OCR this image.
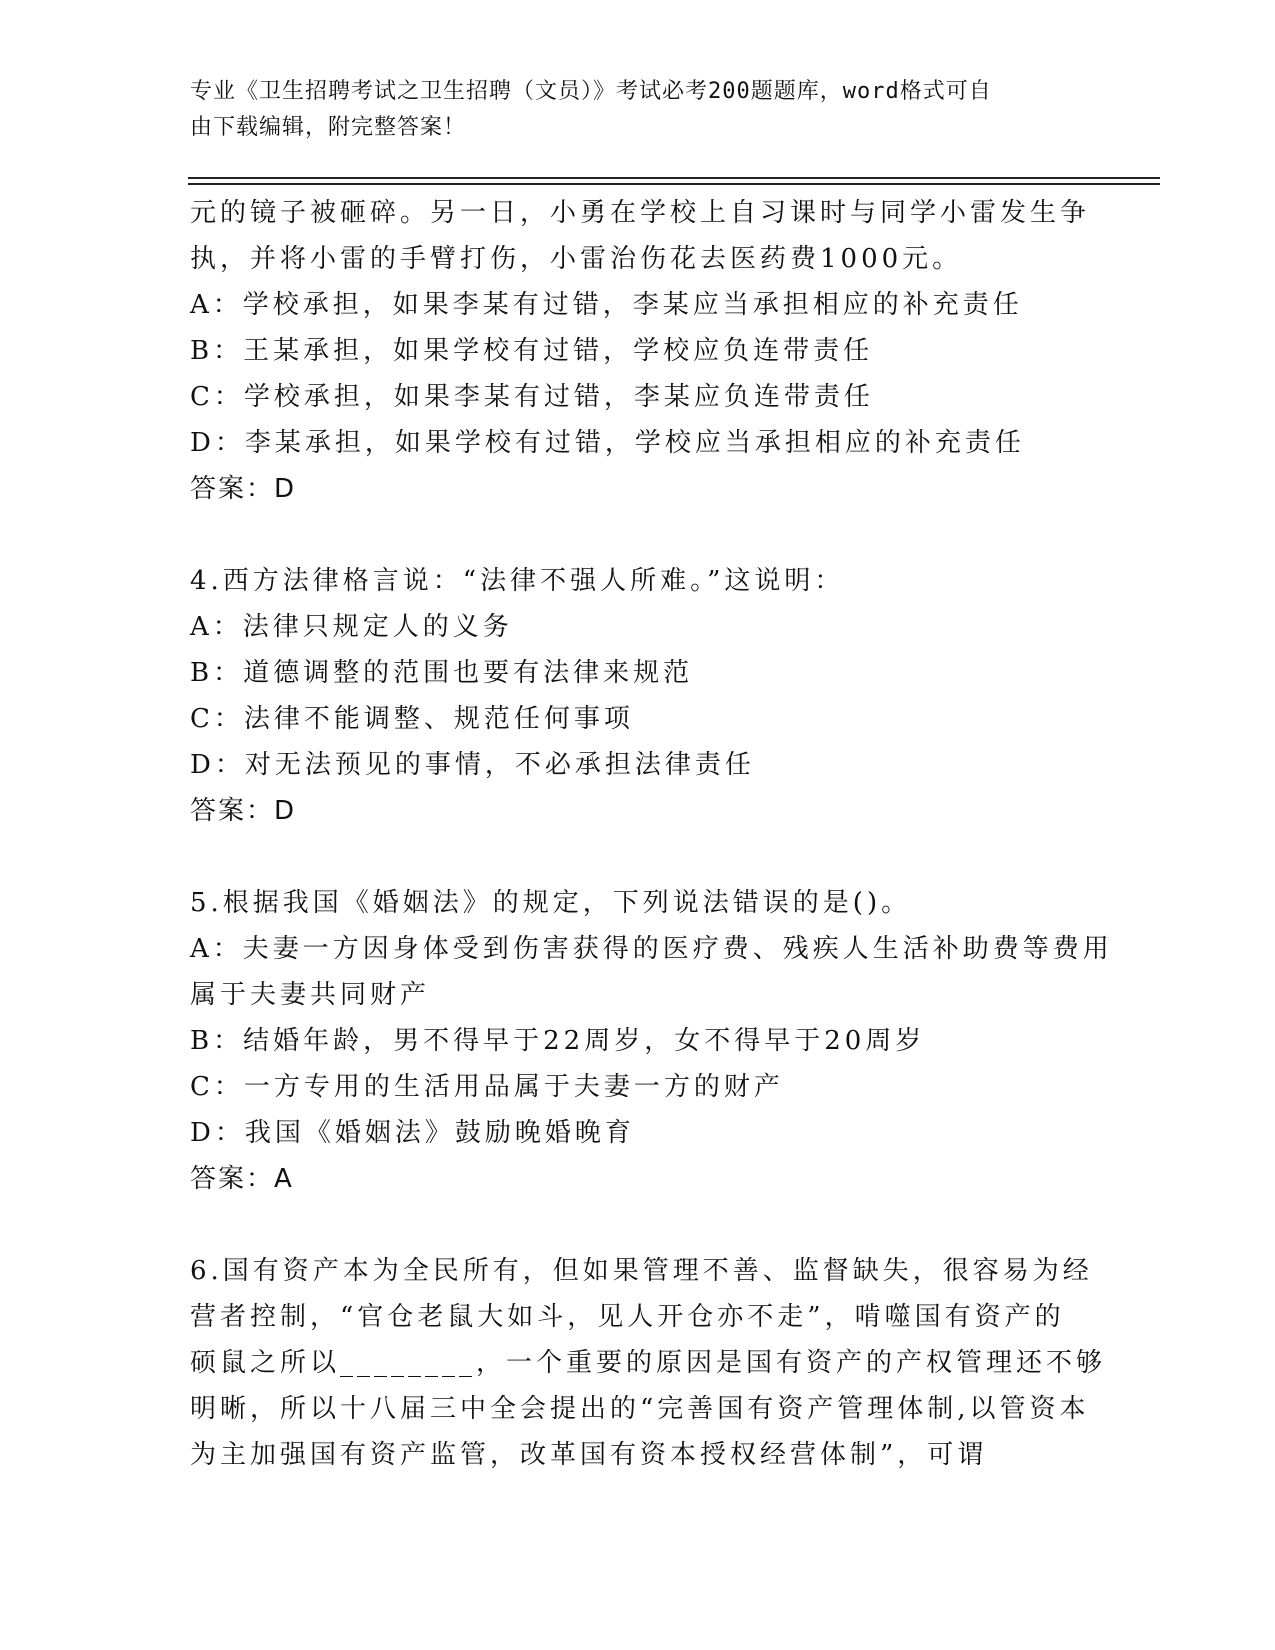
专业《卫生招聘考试之卫生招聘（文员）》考试必考200题题库，word格式可自
由下载编辑，附完整答案！
元的镜子被砸碎。另一日，小勇在学校上自习课时与同学小雷发生争
执，并将小雷的手臂打伤，小雷治伤花去医药费1000元。
A：学校承担，如果李某有过错，李某应当承担相应的补充责任
B：王某承担，如果学校有过错，学校应负连带责任
C：学校承担，如果李某有过错，李某应负连带责任
D：李某承担，如果学校有过错，学校应当承担相应的补充责任
答案：D
4.西方法律格言说：“法律不强人所难。”这说明：
A：法律只规定人的义务
B：道德调整的范围也要有法律来规范
C：法律不能调整、规范任何事项
D：对无法预见的事情，不必承担法律责任
答案：D
5.根据我国《婚姻法》的规定，下列说法错误的是()。
A：夫妻一方因身体受到伤害获得的医疗费、残疾人生活补助费等费用
属于夫妻共同财产
B：结婚年龄，男不得早于22周岁，女不得早于20周岁
C：一方专用的生活用品属于夫妻一方的财产
D：我国《婚姻法》鼓励晚婚晚育
答案：A
6.国有资产本为全民所有，但如果管理不善、监督缺失，很容易为经
营者控制，“官仓老鼠大如斗，见人开仓亦不走”，啃噬国有资产的
硕鼠之所以________，一个重要的原因是国有资产的产权管理还不够
明晰，所以十八届三中全会提出的“完善国有资产管理体制,以管资本
为主加强国有资产监管，改革国有资本授权经营体制”，可谓
